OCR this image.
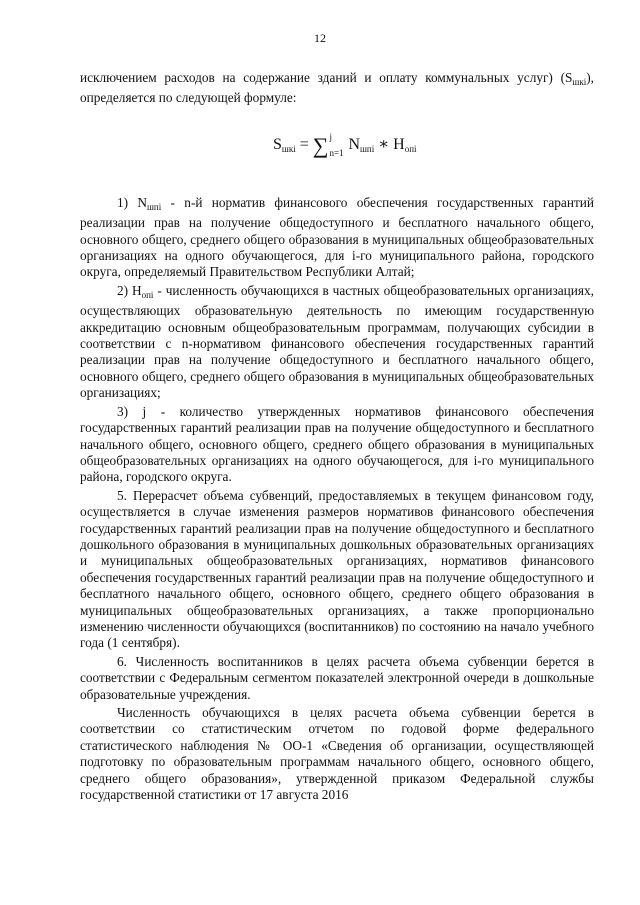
12

исключением расходов на содержание зданий и оплату коммунальных услуг) $(S_{шкі})$, определяется по следующей формуле:

$S_{шкі}$ = ∑ j
n=1 $N_{шпі}$ ∗ $H_{опі}$

1) $N_{шпі} - n-й$ норматив финансового обеспечения государственных гарантий реализации прав на получение общедоступного и бесплатного начального общего, основного общего, среднего общего образования в муниципальных общеобразовательных организациях на одного обучающегося, для i-го муниципального района, городского округа, определяемый Правительством Республики Алтай;

2) $H_{опі}$ - численность обучающихся в частных общеобразовательных организациях, осуществляющих образовательную деятельность по имеющим государственную аккредитацию основным общеобразовательным программам, получающих субсидии в соответствии с n-нормативом финансового обеспечения государственных гарантий реализации прав на получение общедоступного и бесплатного начального общего, основного общего, среднего общего образования в муниципальных общеобразовательных организациях;

3) j - количество утвержденных нормативов финансового обеспечения государственных гарантий реализации прав на получение общедоступного и бесплатного начального общего, основного общего, среднего общего образования в муниципальных общеобразовательных организациях на одного обучающегося, для i-го муниципального района, городского округа.

5. Перерасчет объема субвенций, предоставляемых в текущем финансовом году, осуществляется в случае изменения размеров нормативов финансового обеспечения государственных гарантий реализации прав на получение общедоступного и бесплатного дошкольного образования в муниципальных дошкольных образовательных организациях и муниципальных общеобразовательных организациях, нормативов финансового обеспечения государственных гарантий реализации прав на получение общедоступного и бесплатного начального общего, основного общего, среднего общего образования в муниципальных общеобразовательных организациях, а также пропорционально изменению численности обучающихся (воспитанников) по состоянию на начало учебного года (1 сентября).

6. Численность воспитанников в целях расчета объема субвенции берется в соответствии с Федеральным сегментом показателей электронной очереди в дошкольные образовательные учреждения.

Численность обучающихся в целях расчета объема субвенции берется в соответствии со статистическим отчетом по годовой форме федерального статистического наблюдения № ОО-1 «Сведения об организации, осуществляющей подготовку по образовательным программам начального общего, основного общего, среднего общего образования», утвержденной приказом Федеральной службы государственной статистики от 17 августа 2016
